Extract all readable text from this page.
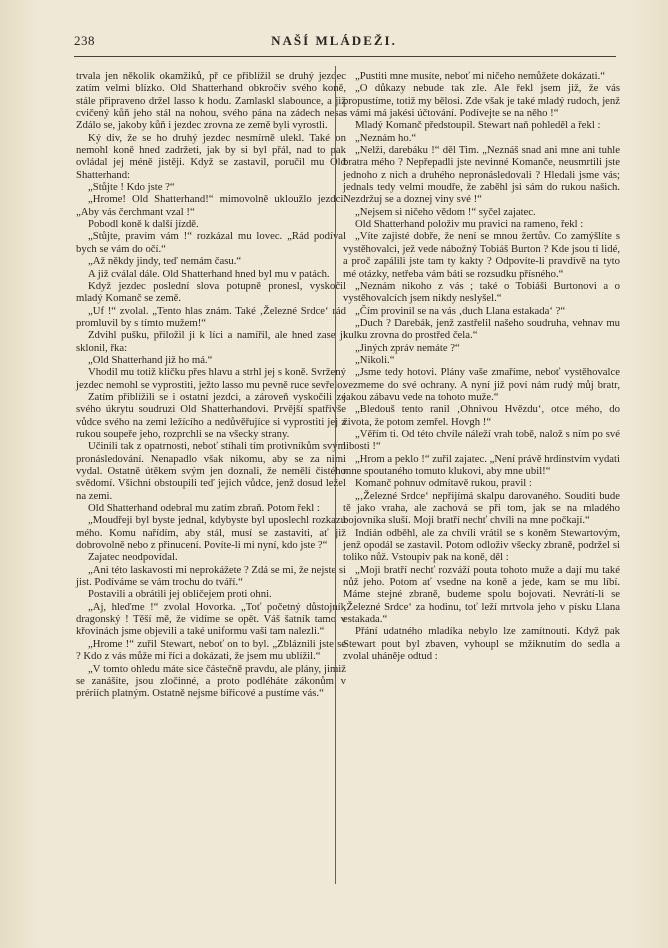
238	NAŠÍ MLÁDEŽI.

trvala jen několik okamžiků, př ce přiblížil se druhý jezdec zatím velmi blízko. Old Shatterhand obkročiv svého koně, stále připraveno držel lasso k hodu. Zamlaskl slabounce, a již cvičený kůň jeho stál na nohou, svého pána na zádech nesa. Zdálo se, jakoby kůň i jezdec zrovna ze země byli vyrostli.

Ký div, že se ho druhý jezdec nesmírně ulekl. Také on nemohl koně hned zadržeti, jak by si byl přál, nad to pak ovládal jej méně jistěji. Když se zastavil, poručil mu Old Shatterhand:

„Stůjte ! Kdo jste ?“

„Hrome! Old Shatterhand!“ mimovolně ukloužlo jezdci. „Aby vás čerchmant vzal !“

Pobodl koně k další jízdě.

„Stůjte, pravím vám !“ rozkázal mu lovec. „Rád podíval bych se vám do očí.“

„Až někdy jindy, teď nemám času.“

A již cválal dále. Old Shatterhand hned byl mu v patách.

Když jezdec poslední slova potupně pronesl, vyskočil mladý Komanč se země.

„Uf !“ zvolal. „Tento hlas znám. Také ‚Železné Srdce‘ rád promluvil by s tímto mužem!“

Zdvihl pušku, přiložil ji k líci a namířil, ale hned zase ji sklonil, řka:

„Old Shatterhand již ho má.“

Vhodil mu totiž kličku přes hlavu a strhl jej s koně. Svržený jezdec nemohl se vyprostiti, ježto lasso mu pevně ruce sevřelo.

Zatím přiblížili se i ostatní jezdci, a zároveň vyskočili ze svého úkrytu soudruzi Old Shatterhandovi. Prvější spatřivše vůdce svého na zemi ležícího a nedůvěřujíce si vyprostiti jej z rukou soupeře jeho, rozprchli se na všecky strany.

Učinili tak z opatrnosti, neboť stíhali tím protivníkům svým pronásledování. Nenapadlo však nikomu, aby se za nimi vydal. Ostatně útěkem svým jen doznali, že neměli čistého svědomí. Všichni obstoupili teď jejich vůdce, jenž dosud ležel na zemi.

Old Shatterhand odebral mu zatím zbraň. Potom řekl :

„Moudřeji byl byste jednal, kdybyste byl uposlechl rozkazu mého. Komu nařídím, aby stál, musí se zastaviti, ať již dobrovolně nebo z přinucení. Povíte-li mi nyní, kdo jste ?“

Zajatec neodpovídal.

„Ani této laskavosti mi neprokážete ? Zdá se mi, že nejste si jist. Podíváme se vám trochu do tváří.“

Postavili a obrátili jej obličejem proti ohni.

„Aj, hleďme !“ zvolal Hovorka. „Toť početný důstojník dragonský ! Těší mě, že vidíme se opět. Váš šatník tamo v křovinách jsme objevili a také uniformu vaši tam nalezli.“

„Hrome !“ zuřil Stewart, neboť on to byl. „Zbláznili jste se ? Kdo z vás může mi říci a dokázati, že jsem mu ublížil.“

„V tomto ohledu máte sice částečně pravdu, ale plány, jimiž se zanášíte, jsou zločinné, a proto podléháte zákonům v prériích platným. Ostatně nejsme biřicové a pustíme vás.“

„Pustiti mne musíte, neboť mi ničeho nemůžete dokázati.“

„O důkazy nebude tak zle. Ale řekl jsem již, že vás propustíme, totiž my bělosi. Zde však je také mladý rudoch, jenž s vámi má jakési účtování. Podívejte se na něho !“

Mladý Komanč předstoupil. Stewart naň pohleděl a řekl :

„Neznám ho.“

„Nelži, darebáku !“ děl Tim. „Neznáš snad ani mne ani tuhle bratra mého ? Nepřepadli jste nevinné Komanče, neusmrtili jste jednoho z nich a druhého nepronásledovali ? Hledali jsme vás; jednals tedy velmi moudře, že zaběhl jsi sám do rukou našich. Nezdržuj se a doznej viny své !“

„Nejsem si ničeho vědom !“ syčel zajatec.

Old Shatterhand položiv mu pravici na rameno, řekl :

„Víte zajisté dobře, že není se mnou žertův. Co zamýšlíte s vystěhovalci, jež vede nábožný Tobiáš Burton ? Kde jsou ti lidé, a proč zapálili jste tam ty kakty ? Odpovíte-li pravdivě na tyto mé otázky, netřeba vám báti se rozsudku přísného.“

„Neznám nikoho z vás ; také o Tobiáši Burtonovi a o vystěhovalcích jsem nikdy neslyšel.“

„Čím provinil se na vás ‚duch Llana estakada‘ ?“

„Duch ? Darebák, jenž zastřelil našeho soudruha, vehnav mu kulku zrovna do prostřed čela.“

„Jiných zpráv nemáte ?“

„Nikoli.“

„Jsme tedy hotovi. Plány vaše zmaříme, neboť vystěhovalce vezmeme do své ochrany. A nyní již poví nám rudý můj bratr, jakou zábavu vede na tohoto muže.“

„Bledouš tento ranil ‚Ohnivou Hvězdu‘, otce mého, do života, že potom zemřel. Hovgh !“

„Věřím ti. Od této chvíle náleží vrah tobě, nalož s ním po své libosti !“

„Hrom a peklo !“ zuřil zajatec. „Není právě hrdinstvím vydati mne spoutaného tomuto klukovi, aby mne ubil!“

Komanč pohnuv odmítavě rukou, pravil :

„‚Železné Srdce‘ nepřijímá skalpu darovaného. Souditi bude tě jako vraha, ale zachová se při tom, jak se na mladého bojovníka sluší. Moji bratří nechť chvíli na mne počkají.“

Indián odběhl, ale za chvíli vrátil se s koněm Stewartovým, jenž opodál se zastavil. Potom odloživ všecky zbraně, podržel si toliko nůž. Vstoupiv pak na koně, děl :

„Moji bratří nechť rozváží pouta tohoto muže a dají mu také nůž jeho. Potom ať vsedne na koně a jede, kam se mu líbí. Máme stejné zbraně, budeme spolu bojovati. Nevrátí-li se ‚Železné Srdce‘ za hodinu, toť leží mrtvola jeho v písku Llana estakada.“

Přání udatného mladíka nebylo lze zamítnouti. Když pak Stewart pout byl zbaven, vyhoupl se mžiknutím do sedla a zvolal uháněje odtud :
